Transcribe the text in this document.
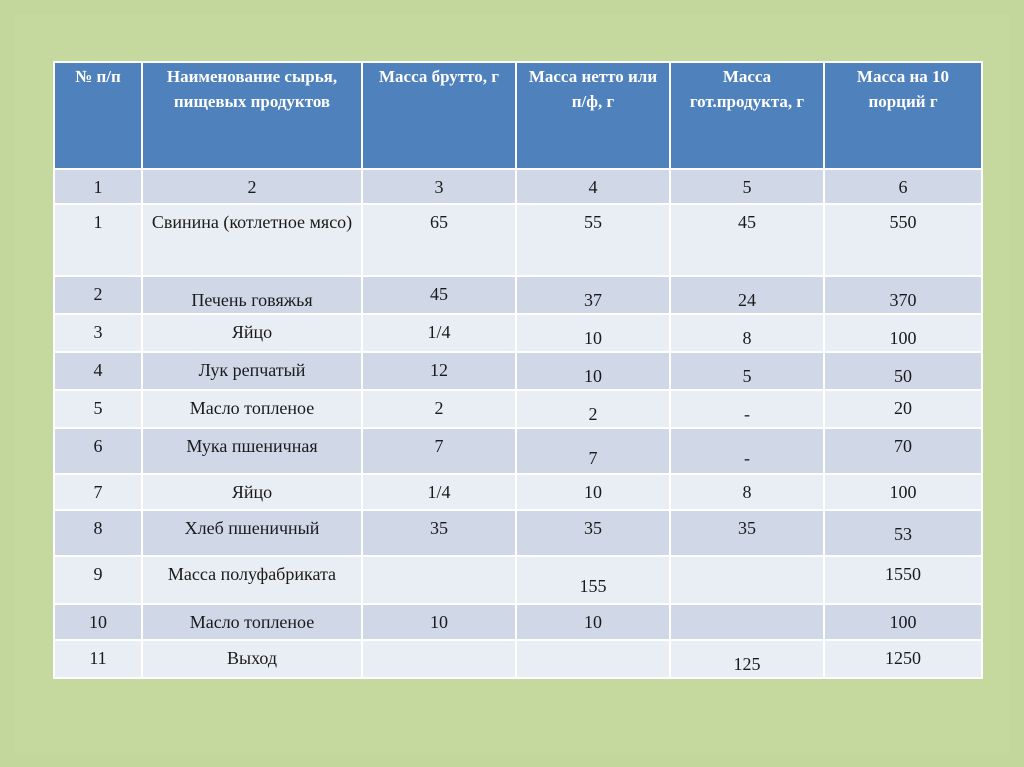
№ п/п	Наименование сырья, пищевых продуктов	Масса брутто, г	Масса нетто или п/ф, г	Масса гот.продукта, г	Масса на 10 порций г
1	2	3	4	5	6
1	Свинина (котлетное мясо)	65	55	45	550
2	Печень говяжья	45	37	24	370
3	Яйцо	1/4	10	8	100
4	Лук репчатый	12	10	5	50
5	Масло топленое	2	2	-	20
6	Мука пшеничная	7	7	-	70
7	Яйцо	1/4	10	8	100
8	Хлеб пшеничный	35	35	35	53
9	Масса полуфабриката		155		1550
10	Масло топленое	10	10		100
11	Выход			125	1250
